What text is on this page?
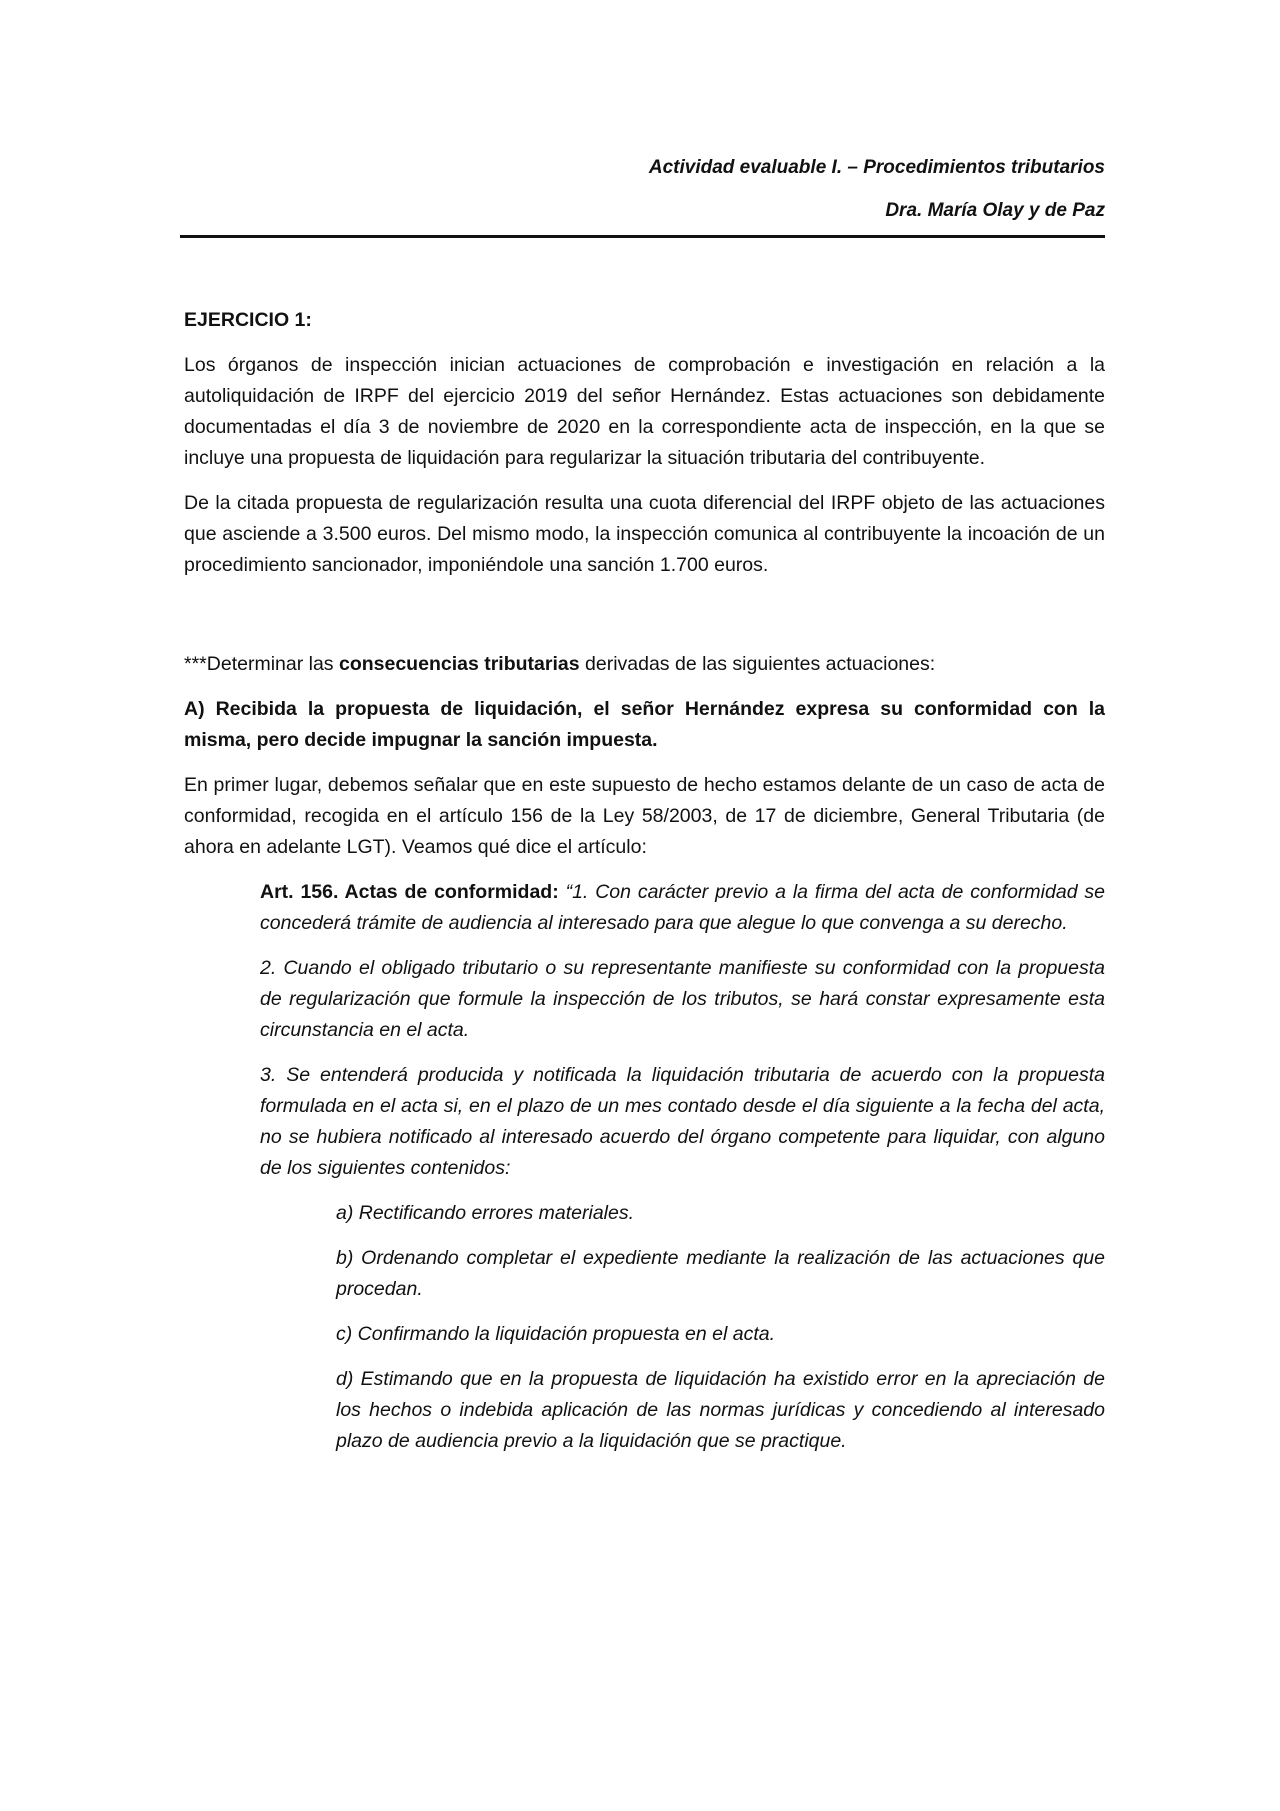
Actividad evaluable I. – Procedimientos tributarios
Dra. María Olay y de Paz

EJERCICIO 1:

Los órganos de inspección inician actuaciones de comprobación e investigación en relación a la autoliquidación de IRPF del ejercicio 2019 del señor Hernández. Estas actuaciones son debidamente documentadas el día 3 de noviembre de 2020 en la correspondiente acta de inspección, en la que se incluye una propuesta de liquidación para regularizar la situación tributaria del contribuyente.

De la citada propuesta de regularización resulta una cuota diferencial del IRPF objeto de las actuaciones que asciende a 3.500 euros. Del mismo modo, la inspección comunica al contribuyente la incoación de un procedimiento sancionador, imponiéndole una sanción 1.700 euros.

***Determinar las consecuencias tributarias derivadas de las siguientes actuaciones:

A) Recibida la propuesta de liquidación, el señor Hernández expresa su conformidad con la misma, pero decide impugnar la sanción impuesta.

En primer lugar, debemos señalar que en este supuesto de hecho estamos delante de un caso de acta de conformidad, recogida en el artículo 156 de la Ley 58/2003, de 17 de diciembre, General Tributaria (de ahora en adelante LGT). Veamos qué dice el artículo:

Art. 156. Actas de conformidad: “1. Con carácter previo a la firma del acta de conformidad se concederá trámite de audiencia al interesado para que alegue lo que convenga a su derecho.

2. Cuando el obligado tributario o su representante manifieste su conformidad con la propuesta de regularización que formule la inspección de los tributos, se hará constar expresamente esta circunstancia en el acta.

3. Se entenderá producida y notificada la liquidación tributaria de acuerdo con la propuesta formulada en el acta si, en el plazo de un mes contado desde el día siguiente a la fecha del acta, no se hubiera notificado al interesado acuerdo del órgano competente para liquidar, con alguno de los siguientes contenidos:

a) Rectificando errores materiales.

b) Ordenando completar el expediente mediante la realización de las actuaciones que procedan.

c) Confirmando la liquidación propuesta en el acta.

d) Estimando que en la propuesta de liquidación ha existido error en la apreciación de los hechos o indebida aplicación de las normas jurídicas y concediendo al interesado plazo de audiencia previo a la liquidación que se practique.
